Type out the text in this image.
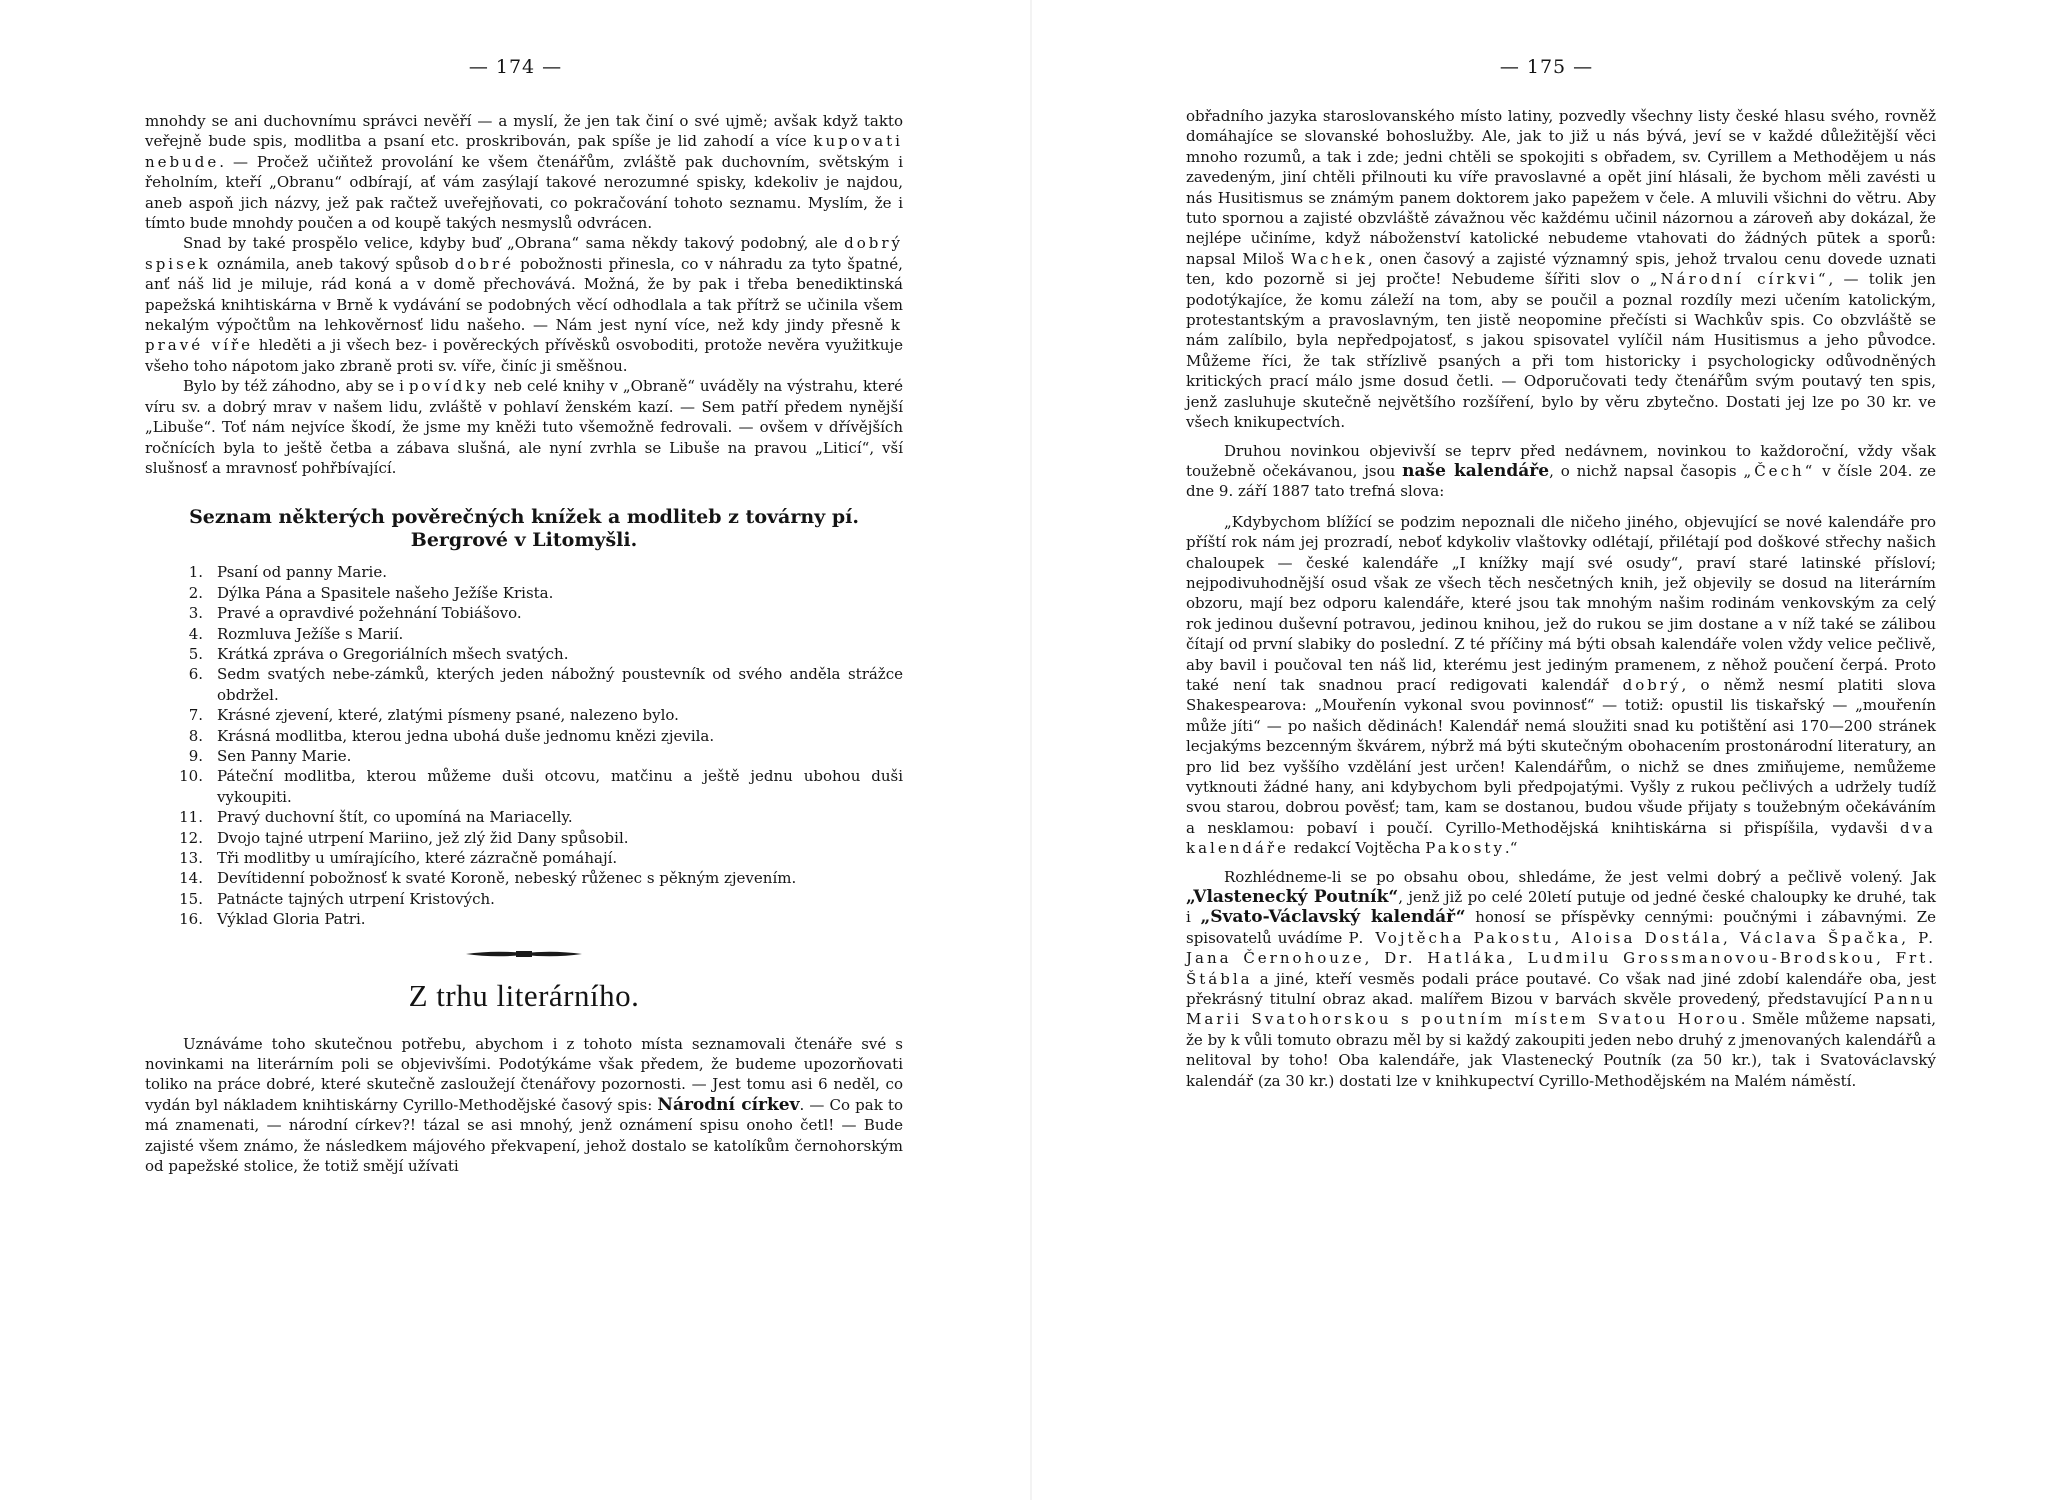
— 174 —

mnohdy se ani duchovnímu správci nevěří — a myslí, že jen tak činí o své ujmě; avšak když takto veřejně bude spis, modlitba a psaní etc. proskribován, pak spíše je lid zahodí a více kupovati nebude. — Pročež učiňtež provolání ke všem čtenářům, zvláště pak duchovním, světským i řeholním, kteří „Obranu“ odbírají, ať vám zasýlají takové nerozumné spisky, kdekoliv je najdou, aneb aspoň jich názvy, jež pak račtež uveřejňovati, co pokračování tohoto seznamu. Myslím, že i tímto bude mnohdy poučen a od koupě takých nesmyslů odvrácen.

Snad by také prospělo velice, kdyby buď „Obrana“ sama někdy takový podobný, ale dobrý spisek oznámila, aneb takový spůsob dobré pobožnosti přinesla, co v náhradu za tyto špatné, anť náš lid je miluje, rád koná a v domě přechovává. Možná, že by pak i třeba benediktinská papežská knihtiskárna v Brně k vydávání se podobných věcí odhodlala a tak přítrž se učinila všem nekalým výpočtům na lehkověrnosť lidu našeho. — Nám jest nyní více, než kdy jindy přesně k pravé víře hleděti a ji všech bez- i pověreckých přívěsků osvoboditi, protože nevěra využitkuje všeho toho nápotom jako zbraně proti sv. víře, činíc ji směšnou.

Bylo by též záhodno, aby se i povídky neb celé knihy v „Obraně“ uváděly na výstrahu, které víru sv. a dobrý mrav v našem lidu, zvláště v pohlaví ženském kazí. — Sem patří předem nynější „Libuše“. Toť nám nejvíce škodí, že jsme my kněži tuto všemožně fedrovali. — ovšem v dřívějších ročnících byla to ještě četba a zábava slušná, ale nyní zvrhla se Libuše na pravou „Liticí“, vší slušnosť a mravnosť pohřbívající.

Seznam některých pověrečných knížek a modliteb z továrny pí. Bergrové v Litomyšli.
1. Psaní od panny Marie.
2. Dýlka Pána a Spasitele našeho Ježíše Krista.
3. Pravé a opravdivé požehnání Tobiášovo.
4. Rozmluva Ježíše s Marií.
5. Krátká zpráva o Gregoriálních mšech svatých.
6. Sedm svatých nebe-zámků, kterých jeden nábožný poustevník od svého anděla strážce obdržel.
7. Krásné zjevení, které, zlatými písmeny psané, nalezeno bylo.
8. Krásná modlitba, kterou jedna ubohá duše jednomu knězi zjevila.
9. Sen Panny Marie.
10. Páteční modlitba, kterou můžeme duši otcovu, matčinu a ještě jednu ubohou duši vykoupiti.
11. Pravý duchovní štít, co upomíná na Mariacelly.
12. Dvojo tajné utrpení Mariino, jež zlý žid Dany spůsobil.
13. Tři modlitby u umírajícího, které zázračně pomáhají.
14. Devítidenní pobožnosť k svaté Koroně, nebeský růženec s pěkným zjevením.
15. Patnácte tajných utrpení Kristových.
16. Výklad Gloria Patri.
Z trhu literárního.

Uznáváme toho skutečnou potřebu, abychom i z tohoto místa seznamovali čtenáře své s novinkami na literárním poli se objevivšími. Podotýkáme však předem, že budeme upozorňovati toliko na práce dobré, které skutečně zasloužejí čtenářovy pozornosti. — Jest tomu asi 6 neděl, co vydán byl nákladem knihtiskárny Cyrillo-Methodějské časový spis: Národní církev. — Co pak to má znamenati, — národní církev?! tázal se asi mnohý, jenž oznámení spisu onoho četl! — Bude zajisté všem známo, že následkem májového překvapení, jehož dostalo se katolíkům černohorským od papežské stolice, že totiž smějí užívati

— 175 —

obřadního jazyka staroslovanského místo latiny, pozvedly všechny listy české hlasu svého, rovněž domáhajíce se slovanské bohoslužby. Ale, jak to již u nás bývá, jeví se v každé důležitější věci mnoho rozumů, a tak i zde; jedni chtěli se spokojiti s obřadem, sv. Cyrillem a Methodějem u nás zavedeným, jiní chtěli přilnouti ku víře pravoslavné a opět jiní hlásali, že bychom měli zavésti u nás Husitismus se známým panem doktorem jako papežem v čele. A mluvili všichni do větru. Aby tuto spornou a zajisté obzvláště závažnou věc každému učinil názornou a zároveň aby dokázal, že nejlépe učiníme, když náboženství katolické nebudeme vtahovati do žádných pūtek a sporů: napsal Miloš Wachek, onen časový a zajisté významný spis, jehož trvalou cenu dovede uznati ten, kdo pozorně si jej pročte! Nebudeme šířiti slov o „Národní církvi“, — tolik jen podotýkajíce, že komu záleží na tom, aby se poučil a poznal rozdíly mezi učením katolickým, protestantským a pravoslavným, ten jistě neopomine přečísti si Wachkův spis. Co obzvláště se nám zalíbilo, byla nepředpojatosť, s jakou spisovatel vylíčil nám Husitismus a jeho původce. Můžeme říci, že tak střízlivě psaných a při tom historicky i psychologicky odůvodněných kritických prací málo jsme dosud četli. — Odporučovati tedy čtenářům svým poutavý ten spis, jenž zasluhuje skutečně největšího rozšíření, bylo by věru zbytečno. Dostati jej lze po 30 kr. ve všech knikupectvích.

Druhou novinkou objevivší se teprv před nedávnem, novinkou to každoroční, vždy však toužebně očekávanou, jsou naše kalendáře, o nichž napsal časopis „Čech“ v čísle 204. ze dne 9. září 1887 tato trefná slova:

„Kdybychom blížící se podzim nepoznali dle ničeho jiného, objevující se nové kalendáře pro příští rok nám jej prozradí, neboť kdykoliv vlaštovky odlétají, přilétají pod doškové střechy našich chaloupek — české kalendáře „I knížky mají své osudy“, praví staré latinské přísloví; nejpodivuhodnější osud však ze všech těch nesčetných knih, jež objevily se dosud na literárním obzoru, mají bez odporu kalendáře, které jsou tak mnohým našim rodinám venkovským za celý rok jedinou duševní potravou, jedinou knihou, jež do rukou se jim dostane a v níž také se zálibou čítají od první slabiky do poslední. Z té příčiny má býti obsah kalendáře volen vždy velice pečlivě, aby bavil i poučoval ten náš lid, kterému jest jediným pramenem, z něhož poučení čerpá. Proto také není tak snadnou prací redigovati kalendář dobrý, o němž nesmí platiti slova Shakespearova: „Mouřenín vykonal svou povinnosť“ — totiž: opustil lis tiskařský — „mouřenín může jíti“ — po našich dědinách! Kalendář nemá sloužiti snad ku potištění asi 170—200 stránek lecjakýms bezcenným škvárem, nýbrž má býti skutečným obohacením prostonárodní literatury, an pro lid bez vyššího vzdělání jest určen! Kalendářům, o nichž se dnes zmiňujeme, nemůžeme vytknouti žádné hany, ani kdybychom byli předpojatými. Vyšly z rukou pečlivých a udržely tudíž svou starou, dobrou pověsť; tam, kam se dostanou, budou všude přijaty s toužebným očekáváním a nesklamou: pobaví i poučí. Cyrillo-Methodějská knihtiskárna si přispíšila, vydavši dva kalendáře redakcí Vojtěcha Pakosty.“

Rozhlédneme-li se po obsahu obou, shledáme, že jest velmi dobrý a pečlivě volený. Jak „Vlastenecký Poutník“, jenž již po celé 20letí putuje od jedné české chaloupky ke druhé, tak i „Svato-Václavský kalendář“ honosí se příspěvky cennými: poučnými i zábavnými. Ze spisovatelů uvádíme P. Vojtěcha Pakostu, Aloisa Dostála, Václava Špačka, P. Jana Černohouze, Dr. Hatláka, Ludmilu Grossmanovou-Brodskou, Frt. Štábla a jiné, kteří vesměs podali práce poutavé. Co však nad jiné zdobí kalendáře oba, jest překrásný titulní obraz akad. malířem Bizou v barvách skvěle provedený, představující Pannu Marii Svatohorskou s poutním místem Svatou Horou. Směle můžeme napsati, že by k vůli tomuto obrazu měl by si každý zakoupiti jeden nebo druhý z jmenovaných kalendářů a nelitoval by toho! Oba kalendáře, jak Vlastenecký Poutník (za 50 kr.), tak i Svatováclavský kalendář (za 30 kr.) dostati lze v knihkupectví Cyrillo-Methodějském na Malém náměstí.
